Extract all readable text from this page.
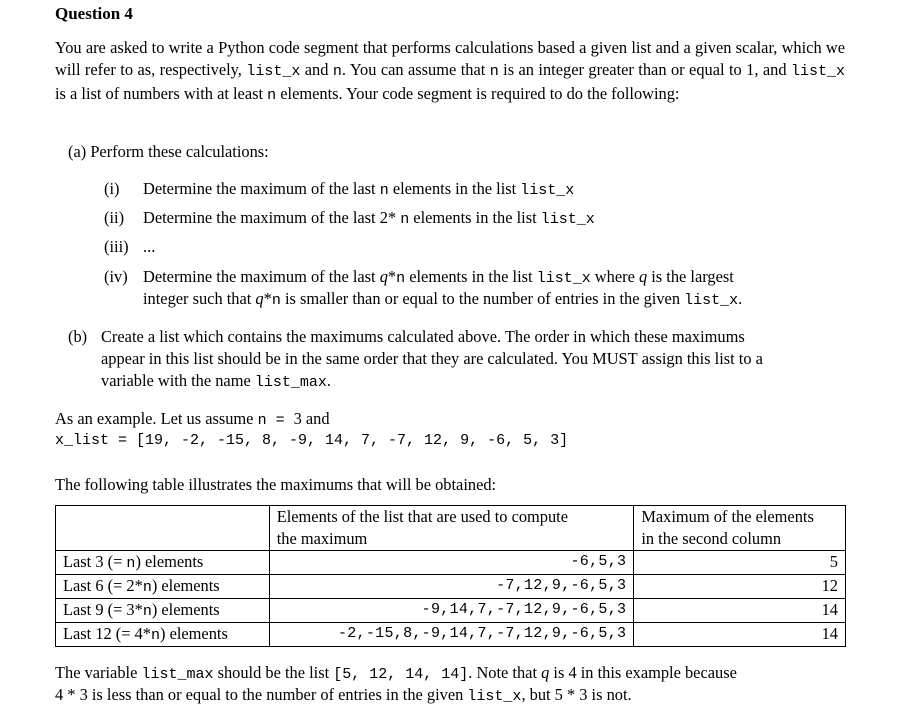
Question 4
You are asked to write a Python code segment that performs calculations based a given list and a given scalar, which we will refer to as, respectively, list_x and n. You can assume that n is an integer greater than or equal to 1, and list_x is a list of numbers with at least n elements. Your code segment is required to do the following:
(a) Perform these calculations:
(i) Determine the maximum of the last n elements in the list list_x
(ii) Determine the maximum of the last 2* n elements in the list list_x
(iii) ...
(iv) Determine the maximum of the last q*n elements in the list list_x where q is the largest
integer such that q*n is smaller than or equal to the number of entries in the given list_x.
(b) Create a list which contains the maximums calculated above. The order in which these maximums
appear in this list should be in the same order that they are calculated. You MUST assign this list to a
variable with the name list_max.
As an example. Let us assume n = 3 and
x_list = [19, -2, -15, 8, -9, 14, 7, -7, 12, 9, -6, 5, 3]
The following table illustrates the maximums that will be obtained:
	Elements of the list that are used to compute
the maximum	Maximum of the elements
in the second column
Last 3 (= n) elements	-6,5,3	5
Last 6 (= 2*n) elements	-7,12,9,-6,5,3	12
Last 9 (= 3*n) elements	-9,14,7,-7,12,9,-6,5,3	14
Last 12 (= 4*n) elements	-2,-15,8,-9,14,7,-7,12,9,-6,5,3	14
The variable list_max should be the list [5, 12, 14, 14]. Note that q is 4 in this example because
4 * 3 is less than or equal to the number of entries in the given list_x, but 5 * 3 is not.
